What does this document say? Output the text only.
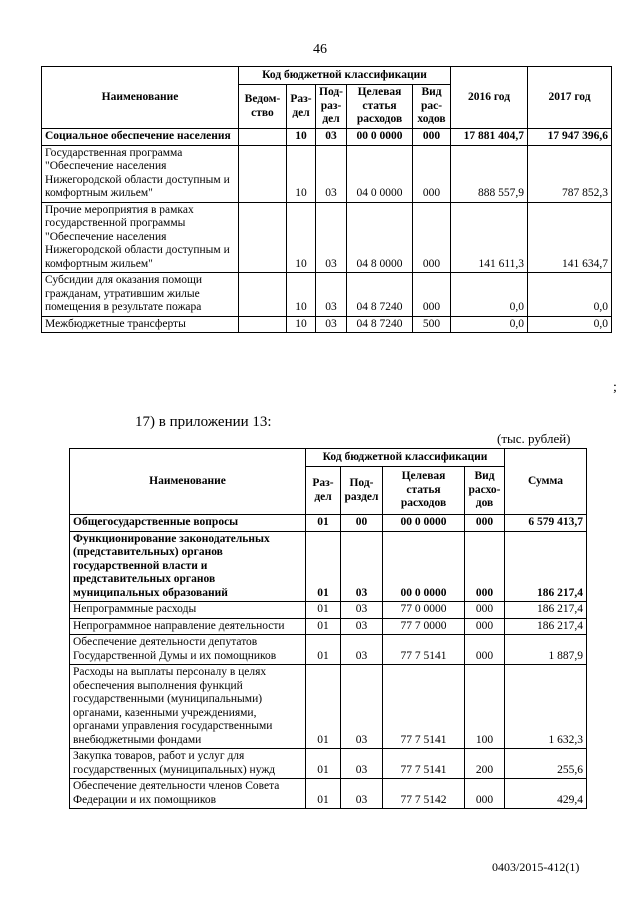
46
Наименование	Код бюджетной классификации					2016 год	2017 год
	Ведом-ство	Раз-дел	Под-раз-дел	Целевая статья расходов	Вид рас-ходов		
Социальное обеспечение населения		10	03	00 0 0000	000	17 881 404,7	17 947 396,6
Государственная программа "Обеспечение населения Нижегородской области доступным и комфортным жильем"		10	03	04 0 0000	000	888 557,9	787 852,3
Прочие мероприятия в рамках государственной программы "Обеспечение населения Нижегородской области доступным и комфортным жильем"		10	03	04 8 0000	000	141 611,3	141 634,7
Субсидии для оказания помощи гражданам, утратившим жилые помещения в результате пожара		10	03	04 8 7240	000	0,0	0,0
Межбюджетные трансферты		10	03	04 8 7240	500	0,0	0,0
;
17) в приложении 13:
(тыс. рублей)
Наименование	Код бюджетной классификации				Сумма
	Раз-дел	Под-раздел	Целевая статья расходов	Вид расхо-дов	
Общегосударственные вопросы	01	00	00 0 0000	000	6 579 413,7
Функционирование законодательных (представительных) органов государственной власти и представительных органов муниципальных образований	01	03	00 0 0000	000	186 217,4
Непрограммные расходы	01	03	77 0 0000	000	186 217,4
Непрограммное направление деятельности	01	03	77 7 0000	000	186 217,4
Обеспечение деятельности депутатов Государственной Думы и их помощников	01	03	77 7 5141	000	1 887,9
Расходы на выплаты персоналу в целях обеспечения выполнения функций государственными (муниципальными) органами, казенными учреждениями, органами управления государственными внебюджетными фондами	01	03	77 7 5141	100	1 632,3
Закупка товаров, работ и услуг для государственных (муниципальных) нужд	01	03	77 7 5141	200	255,6
Обеспечение деятельности членов Совета Федерации и их помощников	01	03	77 7 5142	000	429,4
0403/2015-412(1)
